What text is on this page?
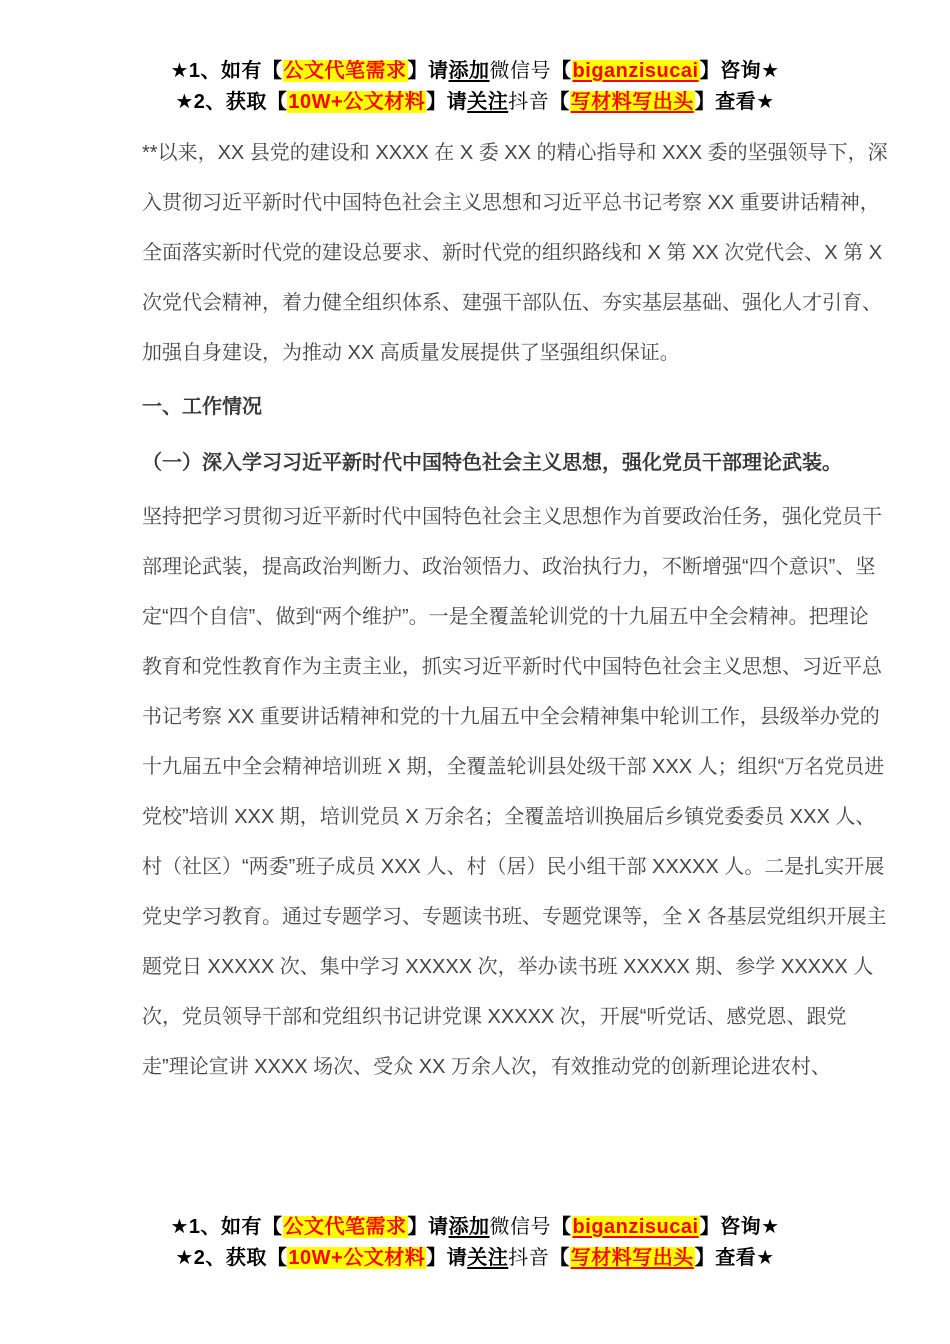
★1、如有【公文代笔需求】请添加微信号【biganzisucai】咨询★
★2、获取【10W+公文材料】请关注抖音【写材料写出头】查看★

**以来，XX 县党的建设和 XXXX 在 X 委 XX 的精心指导和 XXX 委的坚强领导下，深入贯彻习近平新时代中国特色社会主义思想和习近平总书记考察 XX 重要讲话精神，全面落实新时代党的建设总要求、新时代党的组织路线和 X 第 XX 次党代会、X 第 X 次党代会精神，着力健全组织体系、建强干部队伍、夯实基层基础、强化人才引育、加强自身建设，为推动 XX 高质量发展提供了坚强组织保证。

一、工作情况
（一）深入学习习近平新时代中国特色社会主义思想，强化党员干部理论武装。

坚持把学习贯彻习近平新时代中国特色社会主义思想作为首要政治任务，强化党员干部理论武装，提高政治判断力、政治领悟力、政治执行力，不断增强“四个意识”、坚定“四个自信”、做到“两个维护”。一是全覆盖轮训党的十九届五中全会精神。把理论教育和党性教育作为主责主业，抓实习近平新时代中国特色社会主义思想、习近平总书记考察 XX 重要讲话精神和党的十九届五中全会精神集中轮训工作，县级举办党的十九届五中全会精神培训班 X 期，全覆盖轮训县处级干部 XXX 人；组织“万名党员进党校”培训 XXX 期，培训党员 X 万余名；全覆盖培训换届后乡镇党委委员 XXX 人、村（社区）“两委”班子成员 XXX 人、村（居）民小组干部 XXXXX 人。二是扎实开展党史学习教育。通过专题学习、专题读书班、专题党课等，全 X 各基层党组织开展主题党日 XXXXX 次、集中学习 XXXXX 次，举办读书班 XXXXX 期、参学 XXXXX 人次，党员领导干部和党组织书记讲党课 XXXXX 次，开展“听党话、感党恩、跟党走”理论宣讲 XXXX 场次、受众 XX 万余人次，有效推动党的创新理论进农村、

★1、如有【公文代笔需求】请添加微信号【biganzisucai】咨询★
★2、获取【10W+公文材料】请关注抖音【写材料写出头】查看★
